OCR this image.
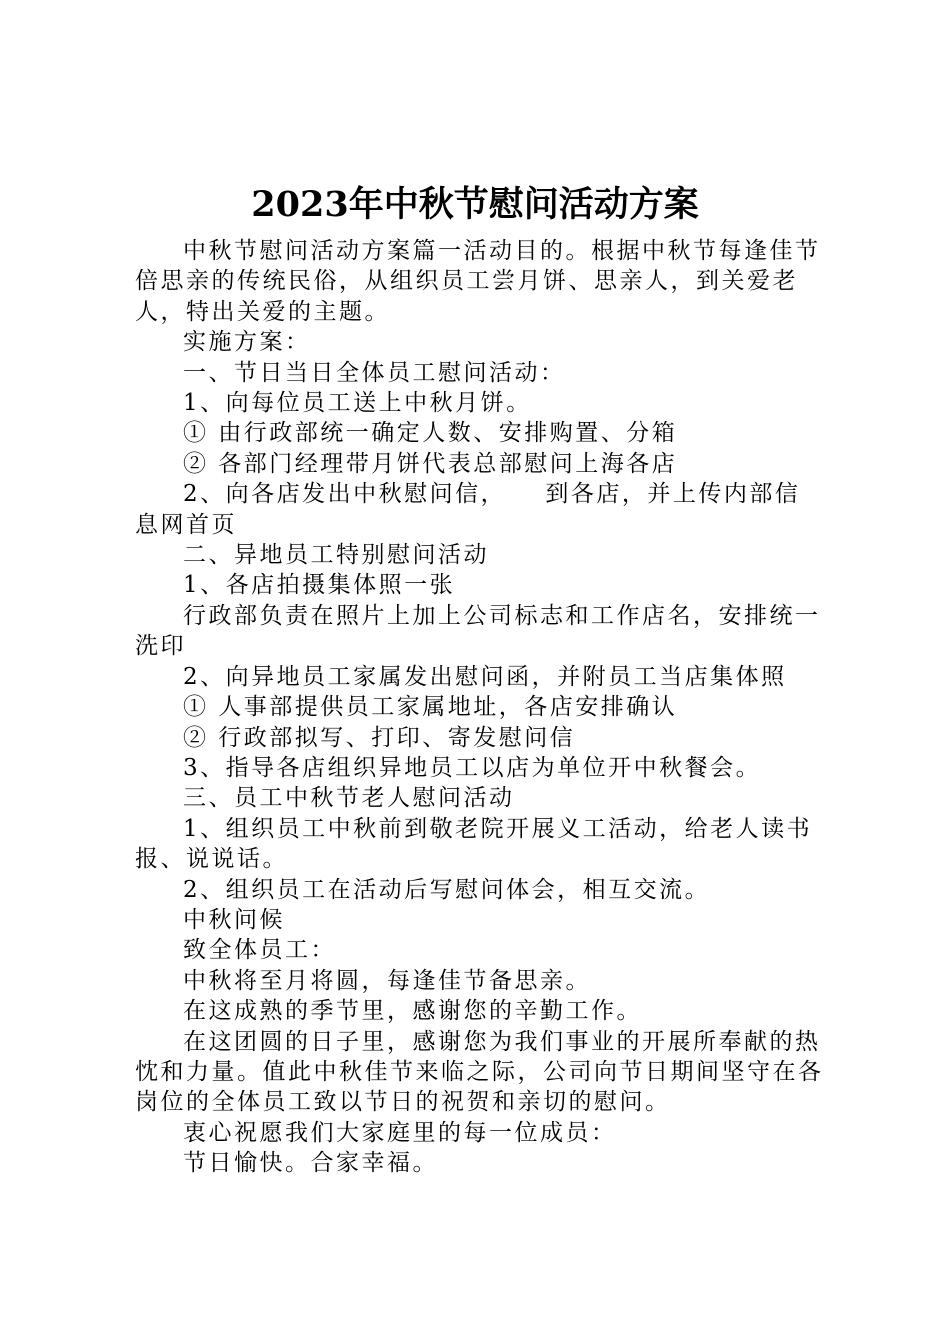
2023年中秋节慰问活动方案

中秋节慰问活动方案篇一活动目的。根据中秋节每逢佳节倍思亲的传统民俗，从组织员工尝月饼、思亲人，到关爱老人，特出关爱的主题。

实施方案：

一、节日当日全体员工慰问活动：

1、向每位员工送上中秋月饼。

① 由行政部统一确定人数、安排购置、分箱

② 各部门经理带月饼代表总部慰问上海各店

2、向各店发出中秋慰问信，    到各店，并上传内部信息网首页

二、异地员工特别慰问活动

1、各店拍摄集体照一张

行政部负责在照片上加上公司标志和工作店名，安排统一洗印

2、向异地员工家属发出慰问函，并附员工当店集体照

① 人事部提供员工家属地址，各店安排确认

② 行政部拟写、打印、寄发慰问信

3、指导各店组织异地员工以店为单位开中秋餐会。

三、员工中秋节老人慰问活动

1、组织员工中秋前到敬老院开展义工活动，给老人读书报、说说话。

2、组织员工在活动后写慰问体会，相互交流。

中秋问候

致全体员工：

中秋将至月将圆，每逢佳节备思亲。

在这成熟的季节里，感谢您的辛勤工作。

在这团圆的日子里，感谢您为我们事业的开展所奉献的热忱和力量。值此中秋佳节来临之际，公司向节日期间坚守在各岗位的全体员工致以节日的祝贺和亲切的慰问。

衷心祝愿我们大家庭里的每一位成员：

节日愉快。合家幸福。
